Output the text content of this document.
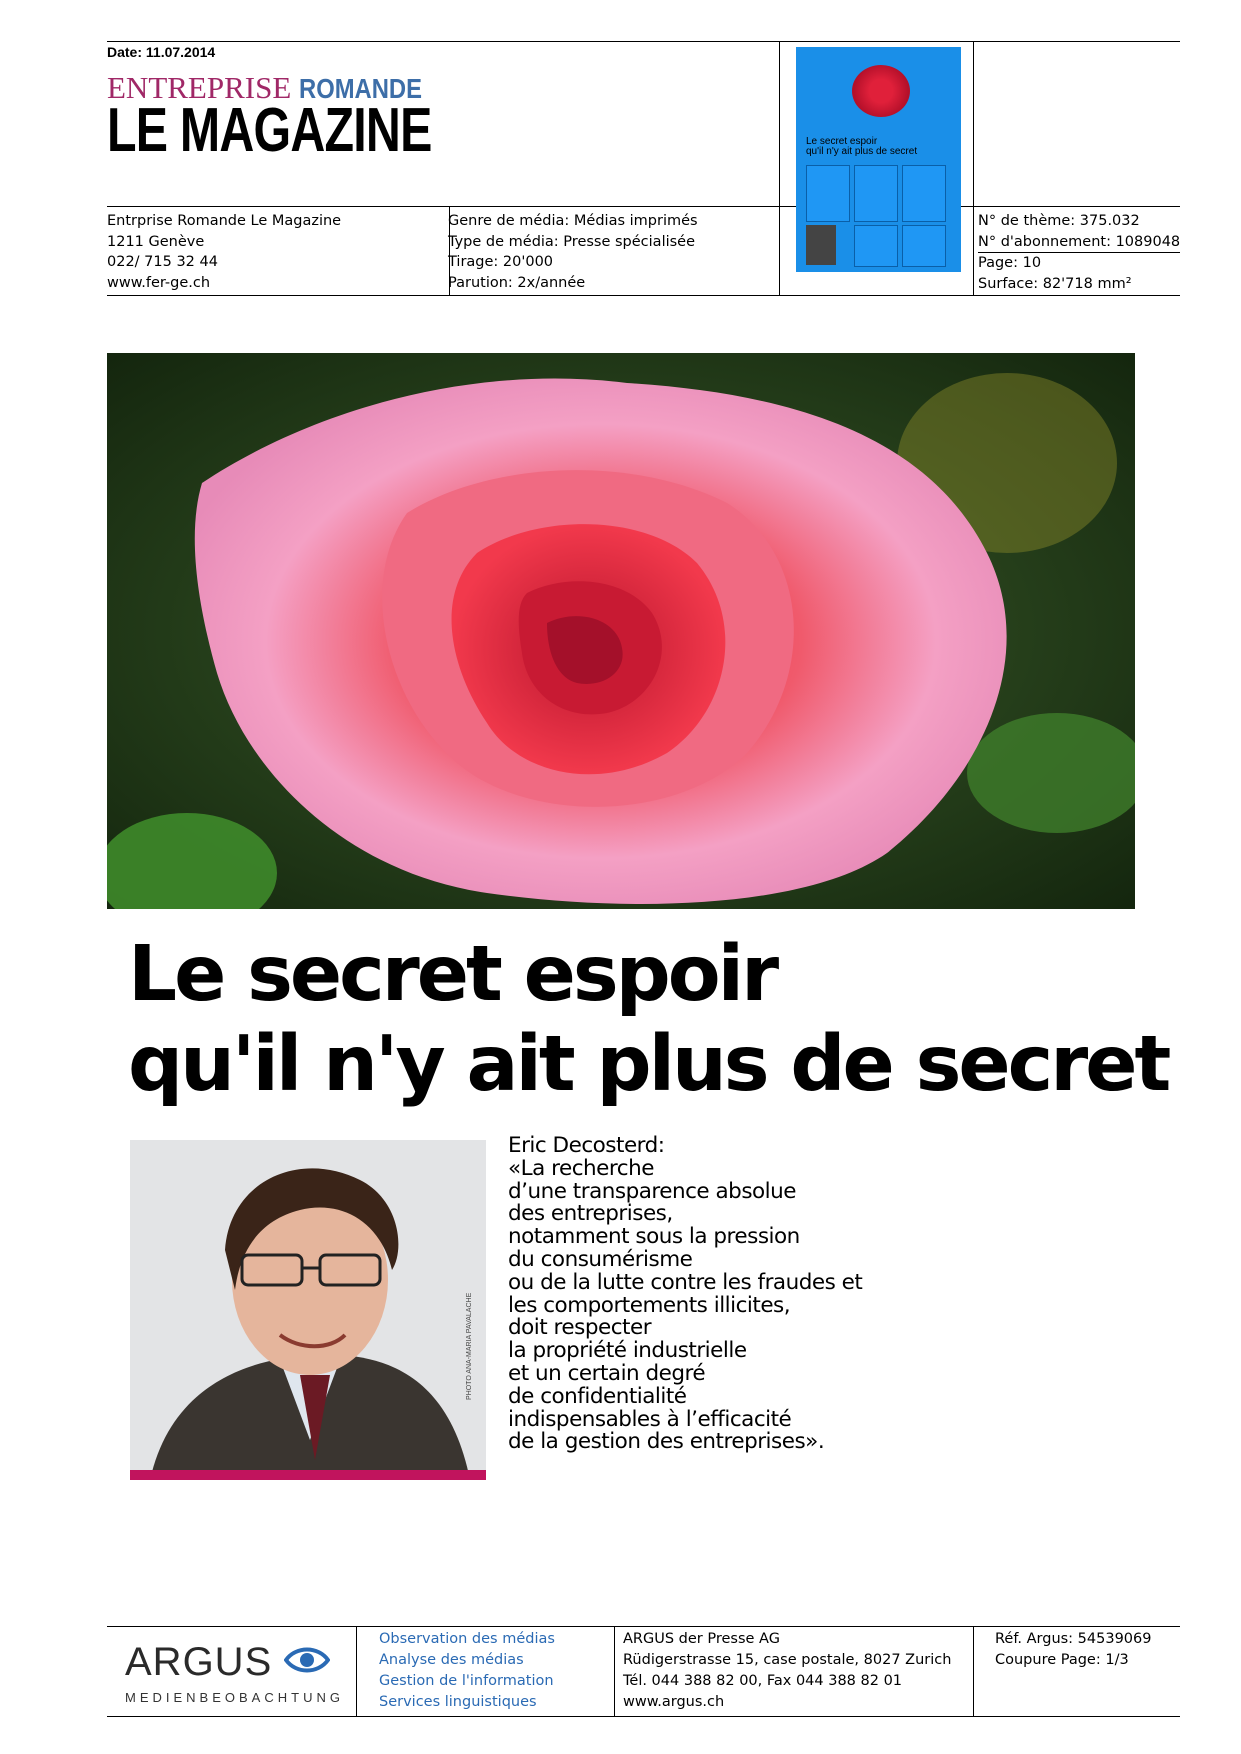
Date: 11.07.2014
ENTREPRISE ROMANDE
LE MAGAZINE
Entrprise Romande Le Magazine
1211 Genève
022/ 715 32 44
www.fer-ge.ch
Genre de média: Médias imprimés
Type de média: Presse spécialisée
Tirage: 20'000
Parution: 2x/année
N° de thème: 375.032
N° d'abonnement: 1089048
Page: 10
Surface: 82'718 mm²
Le secret espoir
qu'il n'y ait plus de secret
Le secret espoir
qu'il n'y ait plus de secret
PHOTO ANA-MARIA PAVALACHE
Eric Decosterd:
«La recherche
d’une transparence absolue
des entreprises,
notamment sous la pression
du consumérisme
ou de la lutte contre les fraudes et
les comportements illicites,
doit respecter
la propriété industrielle
et un certain degré
de confidentialité
indispensables à l’efficacité
de la gestion des entreprises».
ARGUS
MEDIENBEOBACHTUNG
Observation des médias
Analyse des médias
Gestion de l'information
Services linguistiques
ARGUS der Presse AG
Rüdigerstrasse 15, case postale, 8027 Zurich
Tél. 044 388 82 00, Fax 044 388 82 01
www.argus.ch
Réf. Argus: 54539069
Coupure Page: 1/3
